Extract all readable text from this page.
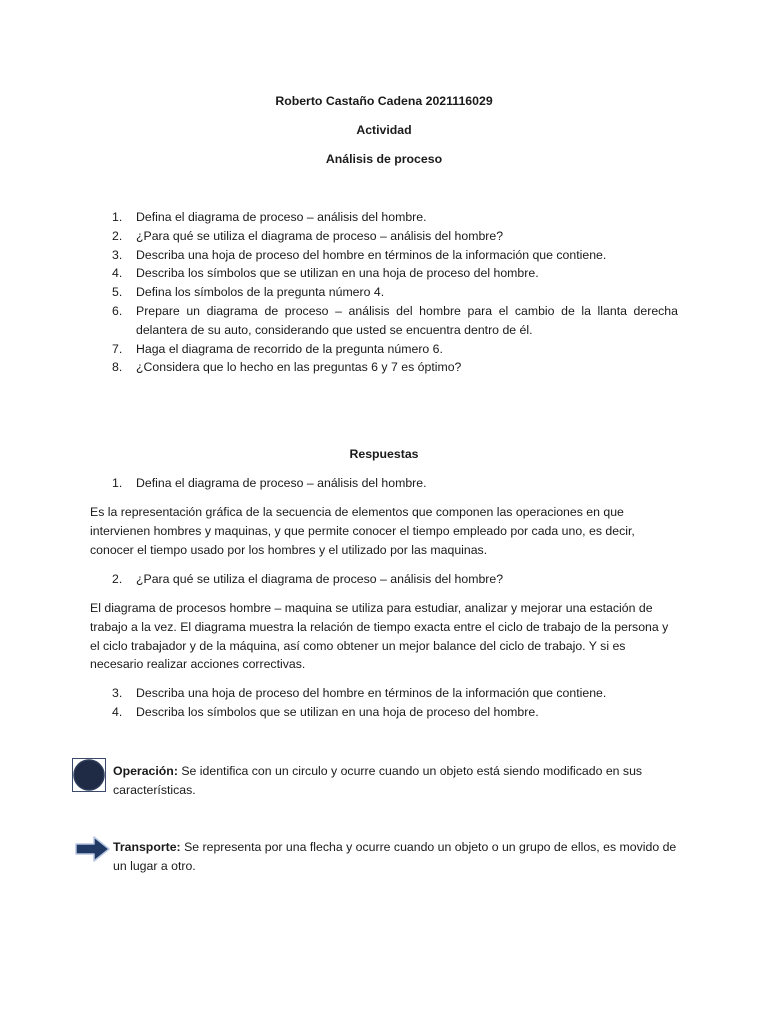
Roberto Castaño Cadena 2021116029
Actividad
Análisis de proceso
1. Defina el diagrama de proceso – análisis del hombre.
2. ¿Para qué se utiliza el diagrama de proceso – análisis del hombre?
3. Describa una hoja de proceso del hombre en términos de la información que contiene.
4. Describa los símbolos que se utilizan en una hoja de proceso del hombre.
5. Defina los símbolos de la pregunta número 4.
6. Prepare un diagrama de proceso – análisis del hombre para el cambio de la llanta derecha delantera de su auto, considerando que usted se encuentra dentro de él.
7. Haga el diagrama de recorrido de la pregunta número 6.
8. ¿Considera que lo hecho en las preguntas 6 y 7 es óptimo?
Respuestas
1. Defina el diagrama de proceso – análisis del hombre.

Es la representación gráfica de la secuencia de elementos que componen las operaciones en que intervienen hombres y maquinas, y que permite conocer el tiempo empleado por cada uno, es decir, conocer el tiempo usado por los hombres y el utilizado por las maquinas.

2. ¿Para qué se utiliza el diagrama de proceso – análisis del hombre?

El diagrama de procesos hombre – maquina se utiliza para estudiar, analizar y mejorar una estación de trabajo a la vez. El diagrama muestra la relación de tiempo exacta entre el ciclo de trabajo de la persona y el ciclo trabajador y de la máquina, así como obtener un mejor balance del ciclo de trabajo. Y si es necesario realizar acciones correctivas.

3. Describa una hoja de proceso del hombre en términos de la información que contiene.
4. Describa los símbolos que se utilizan en una hoja de proceso del hombre.
Operación: Se identifica con un circulo y ocurre cuando un objeto está siendo modificado en sus características.
Transporte: Se representa por una flecha y ocurre cuando un objeto o un grupo de ellos, es movido de un lugar a otro.
